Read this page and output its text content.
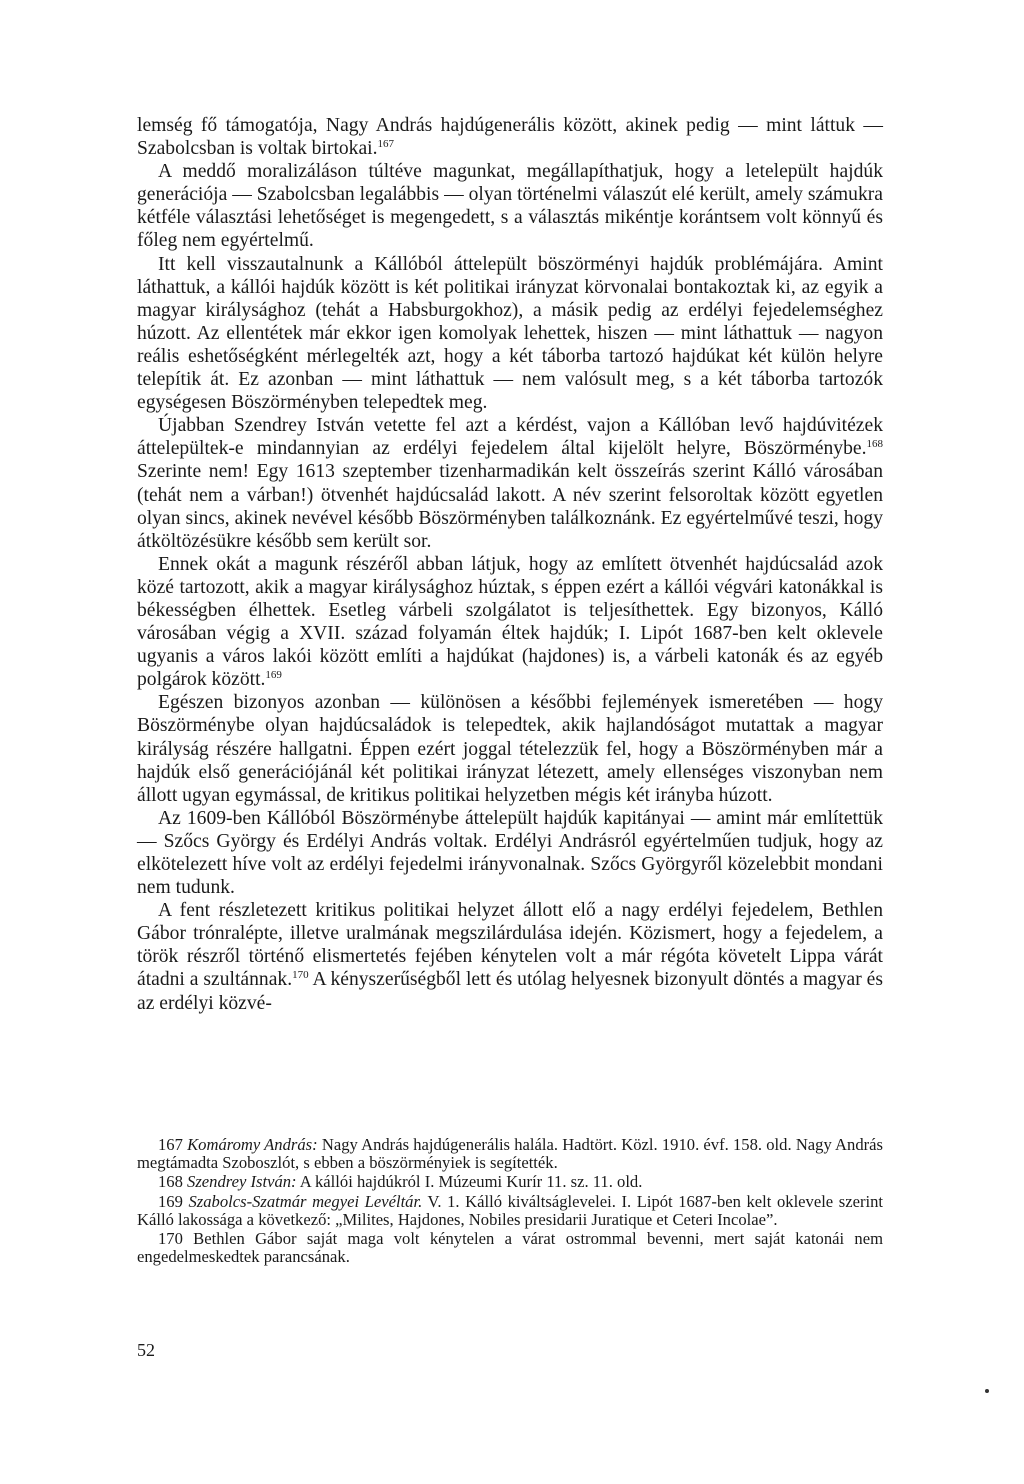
lemség fő támogatója, Nagy András hajdúgenerális között, akinek pedig — mint láttuk — Szabolcsban is voltak birtokai.$^{167}$

A meddő moralizáláson túltéve magunkat, megállapíthatjuk, hogy a letelepült hajdúk generációja — Szabolcsban legalábbis — olyan történelmi válaszút elé került, amely számukra kétféle választási lehetőséget is megengedett, s a választás mikéntje korántsem volt könnyű és főleg nem egyértelmű.

Itt kell visszautalnunk a Kállóból áttelepült böszörményi hajdúk problémájára. Amint láthattuk, a kállói hajdúk között is két politikai irányzat körvonalai bontakoztak ki, az egyik a magyar királysághoz (tehát a Habsburgokhoz), a másik pedig az erdélyi fejedelemséghez húzott. Az ellentétek már ekkor igen komolyak lehettek, hiszen — mint láthattuk — nagyon reális eshetőségként mérlegelték azt, hogy a két táborba tartozó hajdúkat két külön helyre telepítik át. Ez azonban — mint láthattuk — nem valósult meg, s a két táborba tartozók egységesen Böszörményben telepedtek meg.

Újabban Szendrey István vetette fel azt a kérdést, vajon a Kállóban levő hajdúvitézek áttelepültek-e mindannyian az erdélyi fejedelem által kijelölt helyre, Böszörménybe.$^{168}$ Szerinte nem! Egy 1613 szeptember tizenharmadikán kelt összeírás szerint Kálló városában (tehát nem a várban!) ötvenhét hajdúcsalád lakott. A név szerint felsoroltak között egyetlen olyan sincs, akinek nevével később Böszörményben találkoznánk. Ez egyértelművé teszi, hogy átköltözésükre később sem került sor.

Ennek okát a magunk részéről abban látjuk, hogy az említett ötvenhét hajdúcsalád azok közé tartozott, akik a magyar királysághoz húztak, s éppen ezért a kállói végvári katonákkal is békességben élhettek. Esetleg várbeli szolgálatot is teljesíthettek. Egy bizonyos, Kálló városában végig a XVII. század folyamán éltek hajdúk; I. Lipót 1687-ben kelt oklevele ugyanis a város lakói között említi a hajdúkat (hajdones) is, a várbeli katonák és az egyéb polgárok között.$^{169}$

Egészen bizonyos azonban — különösen a későbbi fejlemények ismeretében — hogy Böszörménybe olyan hajdúcsaládok is telepedtek, akik hajlandóságot mutattak a magyar királyság részére hallgatni. Éppen ezért joggal tételezzük fel, hogy a Böszörményben már a hajdúk első generációjánál két politikai irányzat létezett, amely ellenséges viszonyban nem állott ugyan egymással, de kritikus politikai helyzetben mégis két irányba húzott.

Az 1609-ben Kállóból Böszörménybe áttelepült hajdúk kapitányai — amint már említettük — Szőcs György és Erdélyi András voltak. Erdélyi Andrásról egyértelműen tudjuk, hogy az elkötelezett híve volt az erdélyi fejedelmi irányvonalnak. Szőcs Györgyről közelebbit mondani nem tudunk.

A fent részletezett kritikus politikai helyzet állott elő a nagy erdélyi fejedelem, Bethlen Gábor trónralépte, illetve uralmának megszilárdulása idején. Közismert, hogy a fejedelem, a török részről történő elismertetés fejében kénytelen volt a már régóta követelt Lippa várát átadni a szultánnak.$^{170}$ A kényszerűségből lett és utólag helyesnek bizonyult döntés a magyar és az erdélyi közvé-

167 Komáromy András: Nagy András hajdúgenerális halála. Hadtört. Közl. 1910. évf. 158. old. Nagy András megtámadta Szoboszlót, s ebben a böszörményiek is segítették.

168 Szendrey István: A kállói hajdúkról I. Múzeumi Kurír 11. sz. 11. old.

169 Szabolcs-Szatmár megyei Levéltár. V. 1. Kálló kiváltságlevelei. I. Lipót 1687-ben kelt oklevele szerint Kálló lakossága a következő: „Milites, Hajdones, Nobiles presidarii Juratique et Ceteri Incolae”.

170 Bethlen Gábor saját maga volt kénytelen a várat ostrommal bevenni, mert saját katonái nem engedelmeskedtek parancsának.

52
